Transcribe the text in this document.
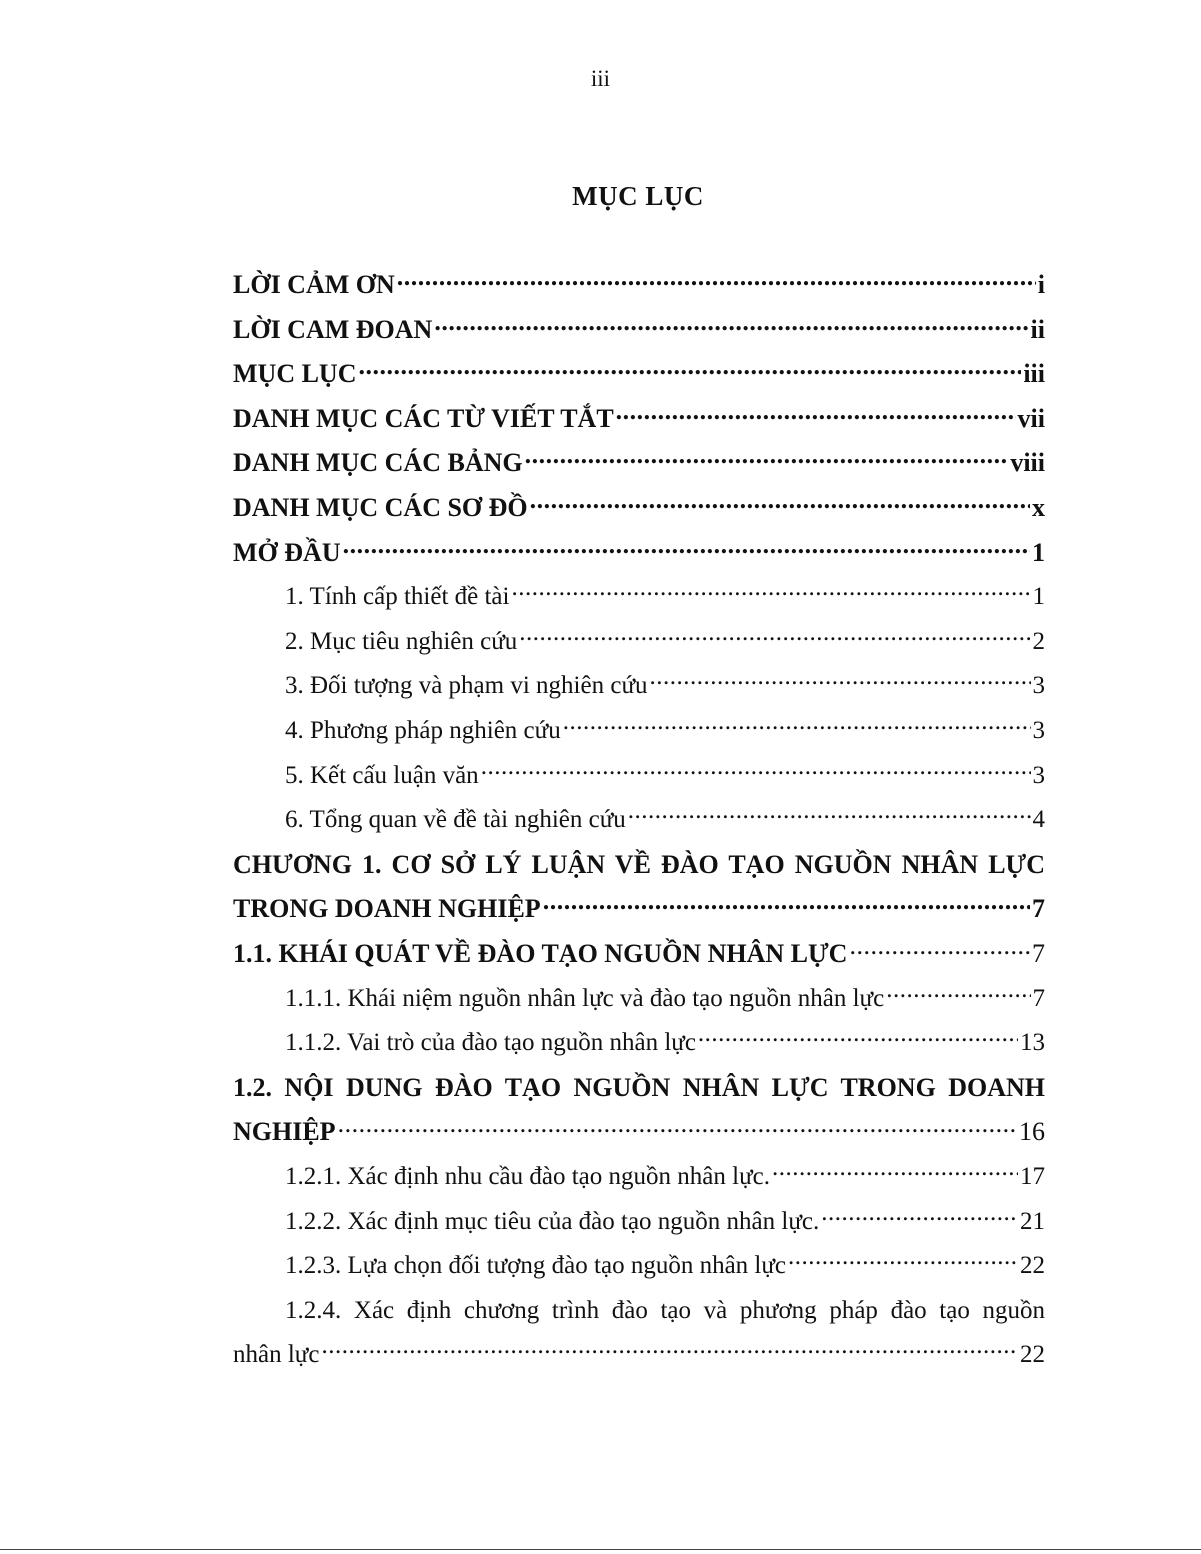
iii
MỤC LỤC
LỜI CẢM ƠN .....	i
LỜI CAM ĐOAN .....	ii
MỤC LỤC .....	iii
DANH MỤC CÁC TỪ VIẾT TẮT .....	vii
DANH MỤC CÁC BẢNG .....	viii
DANH MỤC CÁC SƠ ĐỒ .....	x
MỞ ĐẦU .....	1
1. Tính cấp thiết đề tài .....	1
2. Mục tiêu nghiên cứu .....	2
3. Đối tượng và phạm vi nghiên cứu .....	3
4. Phương pháp nghiên cứu .....	3
5. Kết cấu luận văn .....	3
6. Tổng quan về đề tài nghiên cứu .....	4
CHƯƠNG 1. CƠ SỞ LÝ LUẬN VỀ ĐÀO TẠO NGUỒN NHÂN LỰC
TRONG DOANH NGHIỆP .....	7
1.1. KHÁI QUÁT VỀ ĐÀO TẠO NGUỒN NHÂN LỰC .....	7
1.1.1. Khái niệm nguồn nhân lực và đào tạo nguồn nhân lực .....	7
1.1.2. Vai trò của đào tạo nguồn nhân lực .....	13
1.2. NỘI DUNG ĐÀO TẠO NGUỒN NHÂN LỰC TRONG DOANH
NGHIỆP .....	16
1.2.1. Xác định nhu cầu đào tạo nguồn nhân lực. .....	17
1.2.2. Xác định mục tiêu của đào tạo nguồn nhân lực. .....	21
1.2.3. Lựa chọn đối tượng đào tạo nguồn nhân lực .....	22
1.2.4. Xác định chương trình đào tạo và phương pháp đào tạo nguồn
nhân lực .....	22
